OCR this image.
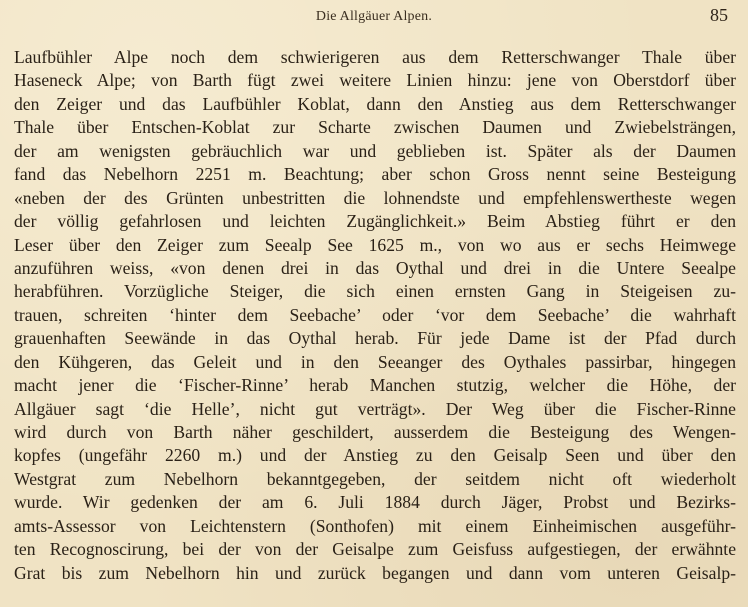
Die Allgäuer Alpen.	85
Laufbühler Alpe noch dem schwierigeren aus dem Retterschwanger Thale über
Haseneck Alpe; von Barth fügt zwei weitere Linien hinzu: jene von Oberstdorf über
den Zeiger und das Laufbühler Koblat, dann den Anstieg aus dem Retterschwanger
Thale über Entschen-Koblat zur Scharte zwischen Daumen und Zwiebelsträngen,
der am wenigsten gebräuchlich war und geblieben ist. Später als der Daumen
fand das Nebelhorn 2251 m. Beachtung; aber schon Gross nennt seine Besteigung
«neben der des Grünten unbestritten die lohnendste und empfehlenswertheste wegen
der völlig gefahrlosen und leichten Zugänglichkeit.» Beim Abstieg führt er den
Leser über den Zeiger zum Seealp See 1625 m., von wo aus er sechs Heimwege
anzuführen weiss, «von denen drei in das Oythal und drei in die Untere Seealpe
herabführen. Vorzügliche Steiger, die sich einen ernsten Gang in Steigeisen zu-
trauen, schreiten ‘hinter dem Seebache’ oder ‘vor dem Seebache’ die wahrhaft
grauenhaften Seewände in das Oythal herab. Für jede Dame ist der Pfad durch
den Kühgeren, das Geleit und in den Seeanger des Oythales passirbar, hingegen
macht jener die ‘Fischer-Rinne’ herab Manchen stutzig, welcher die Höhe, der
Allgäuer sagt ‘die Helle’, nicht gut verträgt». Der Weg über die Fischer-Rinne
wird durch von Barth näher geschildert, ausserdem die Besteigung des Wengen-
kopfes (ungefähr 2260 m.) und der Anstieg zu den Geisalp Seen und über den
Westgrat zum Nebelhorn bekanntgegeben, der seitdem nicht oft wiederholt
wurde. Wir gedenken der am 6. Juli 1884 durch Jäger, Probst und Bezirks-
amts-Assessor von Leichtenstern (Sonthofen) mit einem Einheimischen ausgeführ-
ten Recognoscirung, bei der von der Geisalpe zum Geisfuss aufgestiegen, der erwähnte
Grat bis zum Nebelhorn hin und zurück begangen und dann vom unteren Geisalp-
